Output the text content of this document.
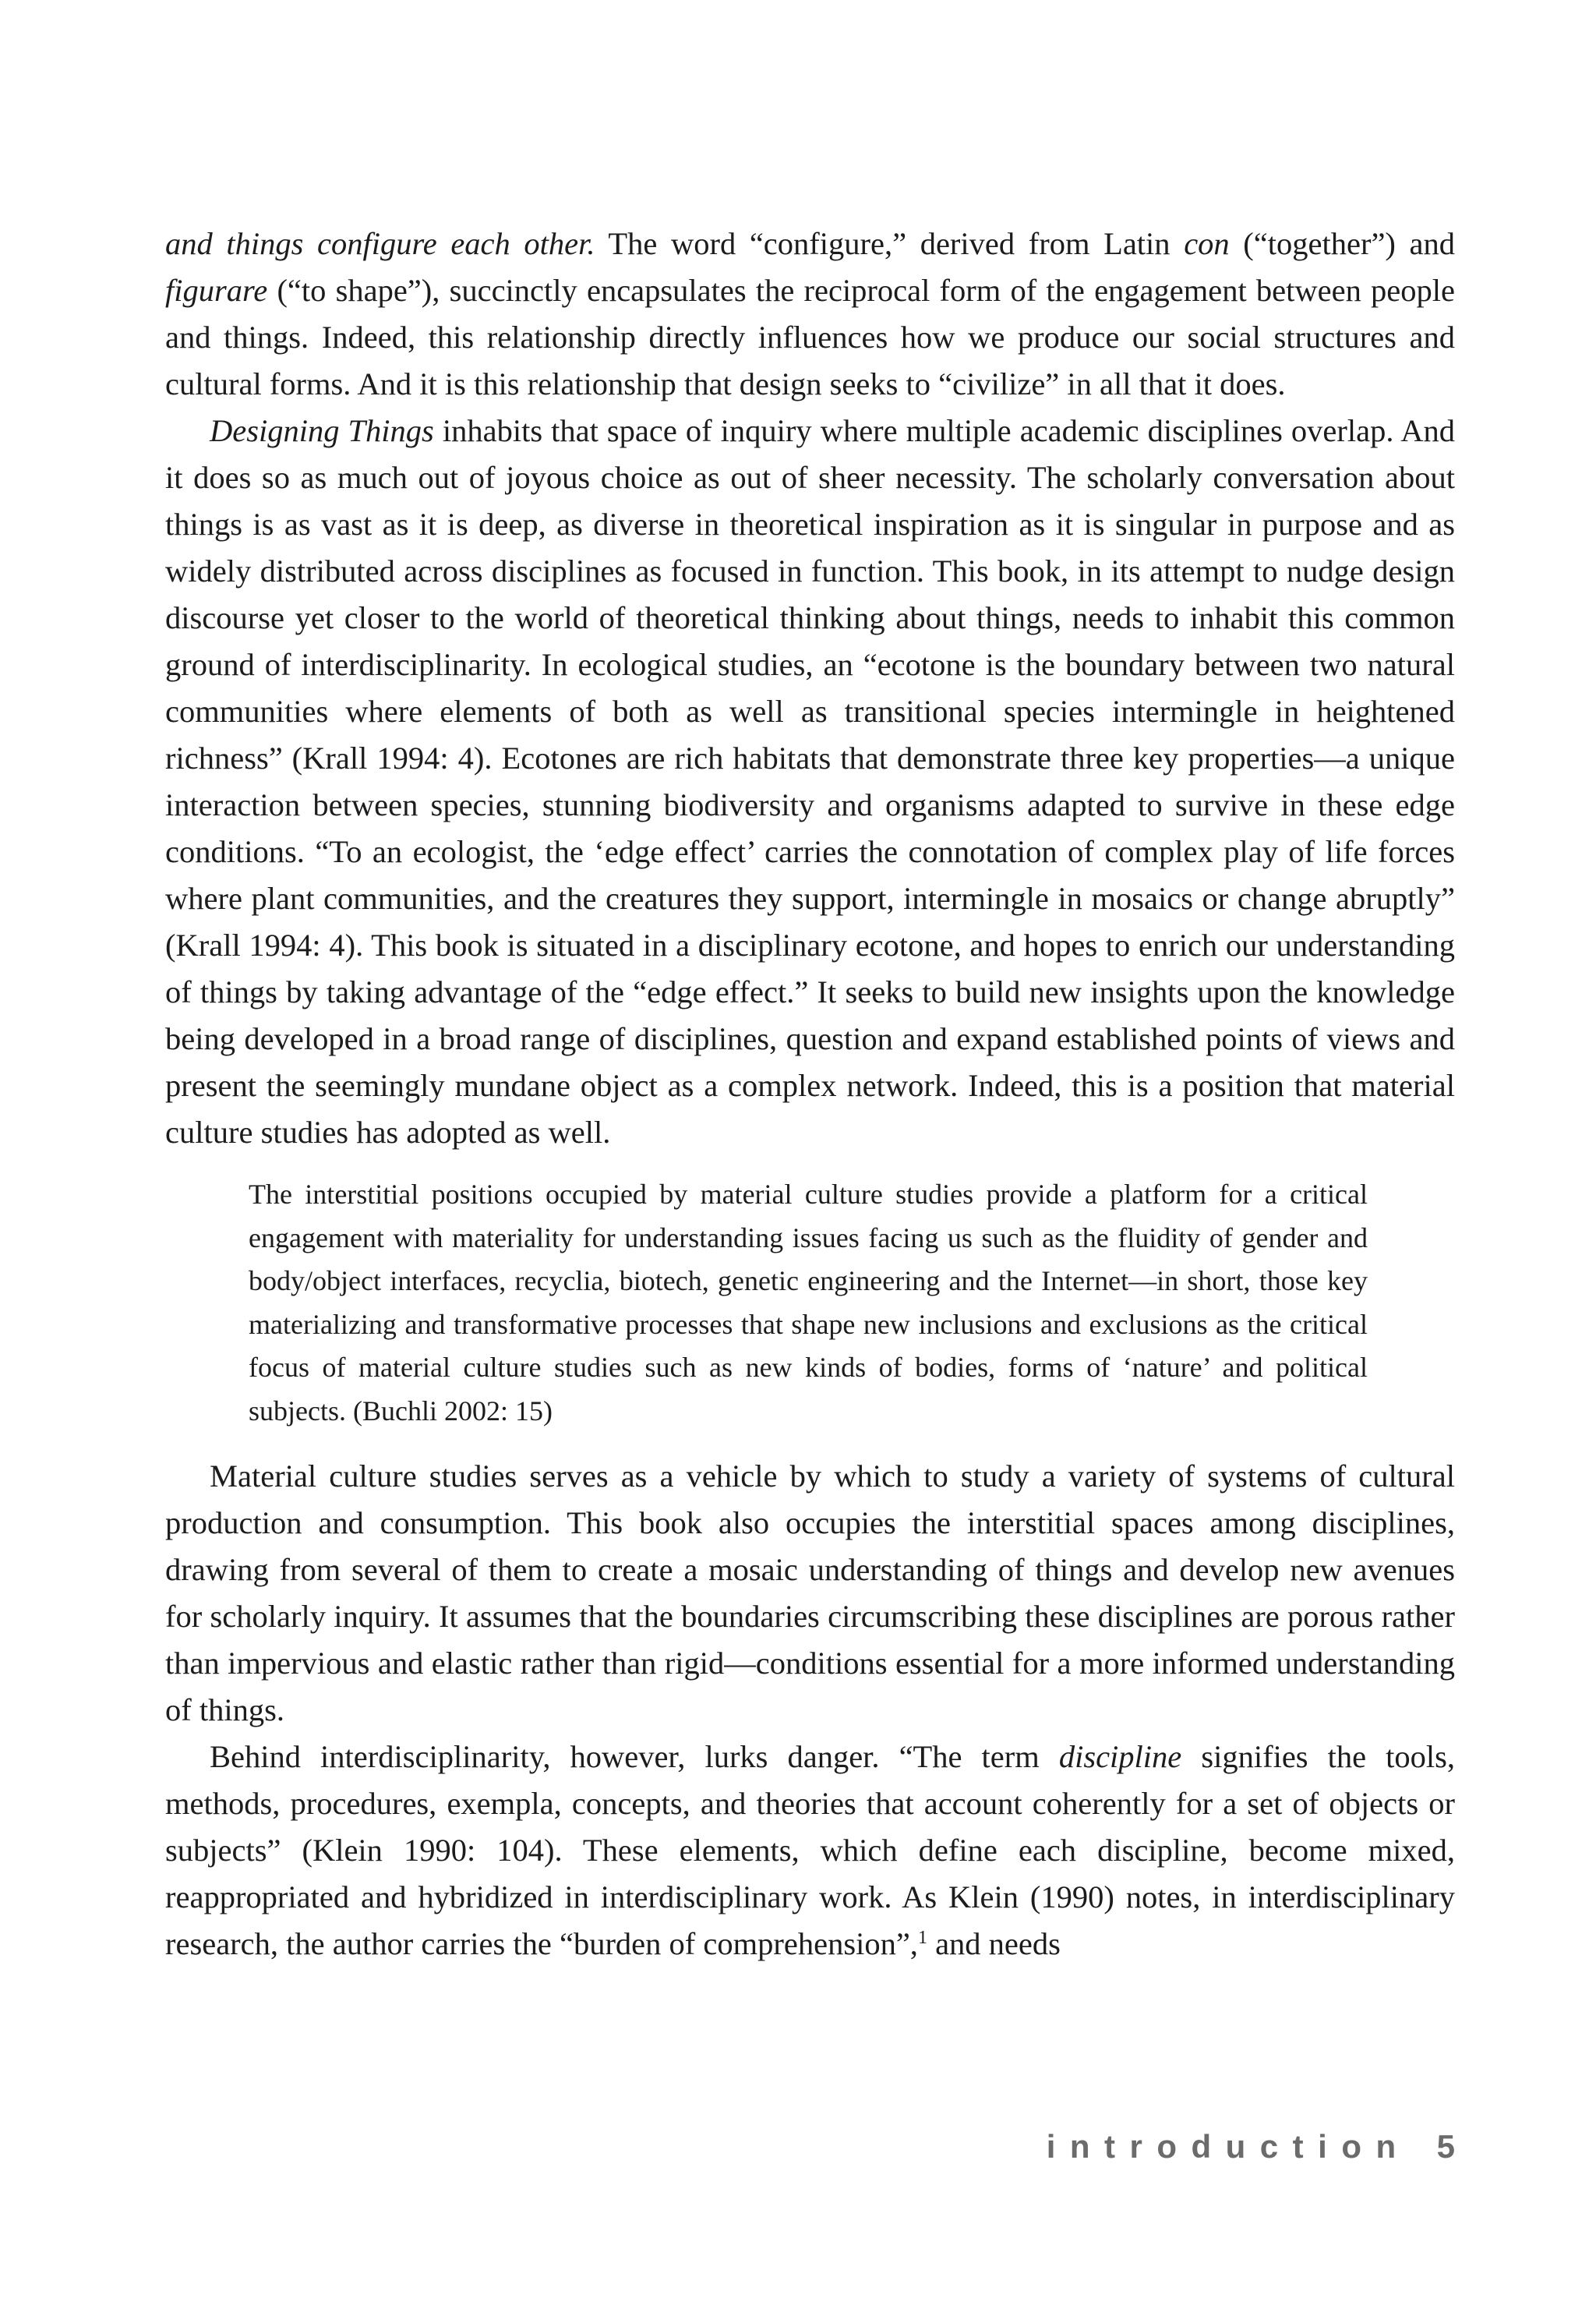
and things configure each other. The word “configure,” derived from Latin con (“together”) and figurare (“to shape”), succinctly encapsulates the reciprocal form of the engagement between people and things. Indeed, this relationship directly influences how we produce our social structures and cultural forms. And it is this relationship that design seeks to “civilize” in all that it does.

Designing Things inhabits that space of inquiry where multiple academic disciplines overlap. And it does so as much out of joyous choice as out of sheer necessity. The scholarly conversation about things is as vast as it is deep, as diverse in theoretical inspiration as it is singular in purpose and as widely distributed across disciplines as focused in function. This book, in its attempt to nudge design discourse yet closer to the world of theoretical thinking about things, needs to inhabit this common ground of interdisciplinarity. In ecological studies, an “ecotone is the boundary between two natural communities where elements of both as well as transitional species intermingle in heightened richness” (Krall 1994: 4). Ecotones are rich habitats that demonstrate three key properties—a unique interaction between species, stunning biodiversity and organisms adapted to survive in these edge conditions. “To an ecologist, the ‘edge effect’ carries the connotation of complex play of life forces where plant communities, and the creatures they support, intermingle in mosaics or change abruptly” (Krall 1994: 4). This book is situated in a disciplinary ecotone, and hopes to enrich our understanding of things by taking advantage of the “edge effect.” It seeks to build new insights upon the knowledge being developed in a broad range of disciplines, question and expand established points of views and present the seemingly mundane object as a complex network. Indeed, this is a position that material culture studies has adopted as well.

The interstitial positions occupied by material culture studies provide a platform for a critical engagement with materiality for understanding issues facing us such as the fluidity of gender and body/object interfaces, recyclia, biotech, genetic engineering and the Internet—in short, those key materializing and transformative processes that shape new inclusions and exclusions as the critical focus of material culture studies such as new kinds of bodies, forms of ‘nature’ and political subjects. (Buchli 2002: 15)

Material culture studies serves as a vehicle by which to study a variety of systems of cultural production and consumption. This book also occupies the interstitial spaces among disciplines, drawing from several of them to create a mosaic understanding of things and develop new avenues for scholarly inquiry. It assumes that the boundaries circumscribing these disciplines are porous rather than impervious and elastic rather than rigid—conditions essential for a more informed understanding of things.

Behind interdisciplinarity, however, lurks danger. “The term discipline signifies the tools, methods, procedures, exempla, concepts, and theories that account coherently for a set of objects or subjects” (Klein 1990: 104). These elements, which define each discipline, become mixed, reappropriated and hybridized in interdisciplinary work. As Klein (1990) notes, in interdisciplinary research, the author carries the “burden of comprehension”,$^1$ and needs

introduction 5
